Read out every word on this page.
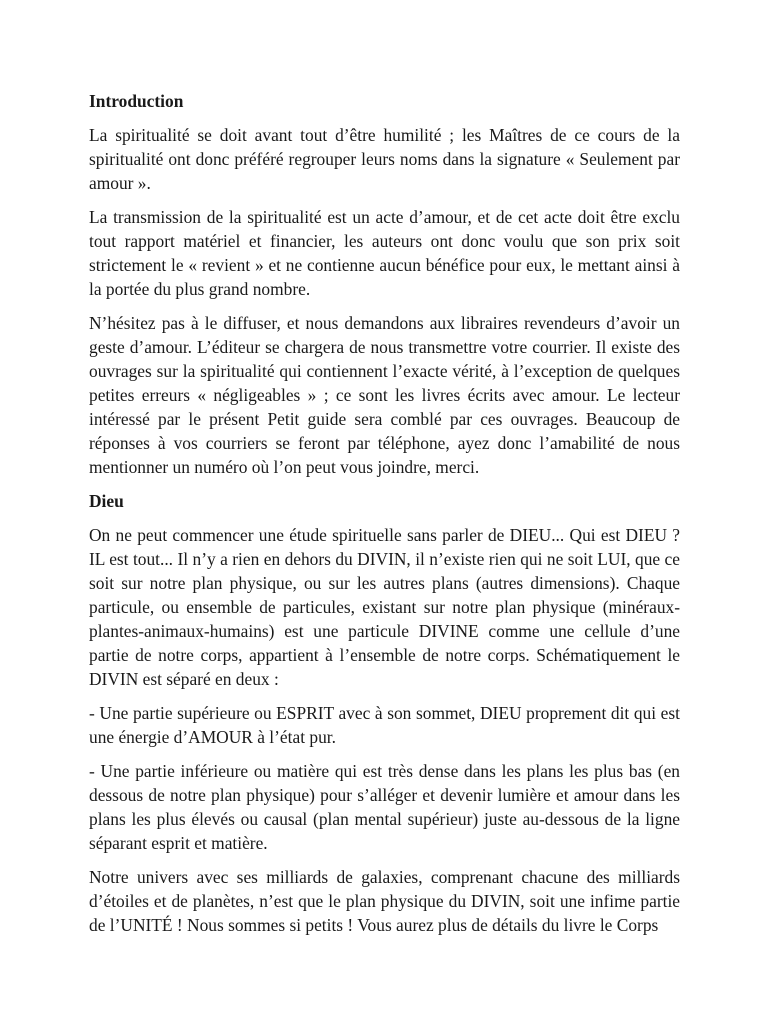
Introduction

La spiritualité se doit avant tout d’être humilité ; les Maîtres de ce cours de la spiritualité ont donc préféré regrouper leurs noms dans la signature « Seulement par amour ».

La transmission de la spiritualité est un acte d’amour, et de cet acte doit être exclu tout rapport matériel et financier, les auteurs ont donc voulu que son prix soit strictement le « revient » et ne contienne aucun bénéfice pour eux, le mettant ainsi à la portée du plus grand nombre.

N’hésitez pas à le diffuser, et nous demandons aux libraires revendeurs d’avoir un geste d’amour. L’éditeur se chargera de nous transmettre votre courrier. Il existe des ouvrages sur la spiritualité qui contiennent l’exacte vérité, à l’exception de quelques petites erreurs « négligeables » ; ce sont les livres écrits avec amour. Le lecteur intéressé par le présent Petit guide sera comblé par ces ouvrages. Beaucoup de réponses à vos courriers se feront par téléphone, ayez donc l’amabilité de nous mentionner un numéro où l’on peut vous joindre, merci.

Dieu

On ne peut commencer une étude spirituelle sans parler de DIEU... Qui est DIEU ? IL est tout... Il n’y a rien en dehors du DIVIN, il n’existe rien qui ne soit LUI, que ce soit sur notre plan physique, ou sur les autres plans (autres dimensions). Chaque particule, ou ensemble de particules, existant sur notre plan physique (minéraux-plantes-animaux-humains) est une particule DIVINE comme une cellule d’une partie de notre corps, appartient à l’ensemble de notre corps. Schématiquement le DIVIN est séparé en deux :

- Une partie supérieure ou ESPRIT avec à son sommet, DIEU proprement dit qui est une énergie d’AMOUR à l’état pur.

- Une partie inférieure ou matière qui est très dense dans les plans les plus bas (en dessous de notre plan physique) pour s’alléger et devenir lumière et amour dans les plans les plus élevés ou causal (plan mental supérieur) juste au-dessous de la ligne séparant esprit et matière.

Notre univers avec ses milliards de galaxies, comprenant chacune des milliards d’étoiles et de planètes, n’est que le plan physique du DIVIN, soit une infime partie de l’UNITÉ ! Nous sommes si petits ! Vous aurez plus de détails du livre le Corps
